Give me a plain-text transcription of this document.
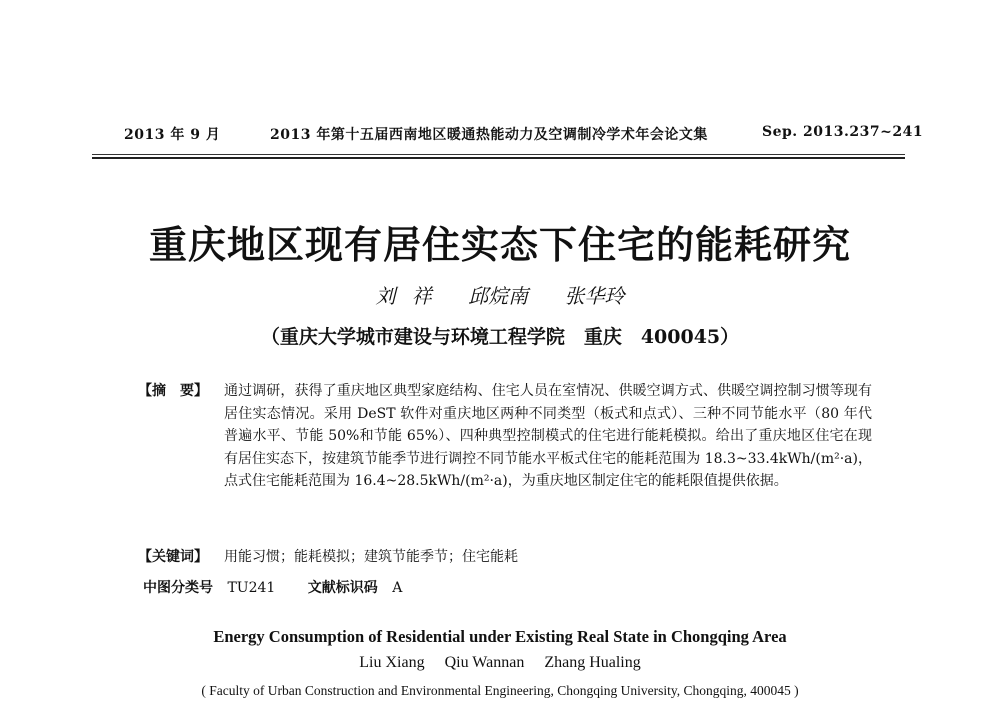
2013 年 9 月	2013 年第十五届西南地区暖通热能动力及空调制冷学术年会论文集	Sep. 2013.237~241
重庆地区现有居住实态下住宅的能耗研究
刘 祥 邱烷南 张华玲
（重庆大学城市建设与环境工程学院　重庆　400045）
【摘　要】 通过调研，获得了重庆地区典型家庭结构、住宅人员在室情况、供暖空调方式、供暖空调控制习惯等现有居住实态情况。采用 DeST 软件对重庆地区两种不同类型（板式和点式）、三种不同节能水平（80 年代普遍水平、节能 50%和节能 65%）、四种典型控制模式的住宅进行能耗模拟。给出了重庆地区住宅在现有居住实态下，按建筑节能季节进行调控不同节能水平板式住宅的能耗范围为 18.3~33.4kWh/(m²·a)，点式住宅能耗范围为 16.4~28.5kWh/(m²·a)，为重庆地区制定住宅的能耗限值提供依据。
【关键词】 用能习惯；能耗模拟；建筑节能季节；住宅能耗
中图分类号 TU241 文献标识码 A
Energy Consumption of Residential under Existing Real State in Chongqing Area
Liu Xiang Qiu Wannan Zhang Hualing
( Faculty of Urban Construction and Environmental Engineering, Chongqing University, Chongqing, 400045 )
